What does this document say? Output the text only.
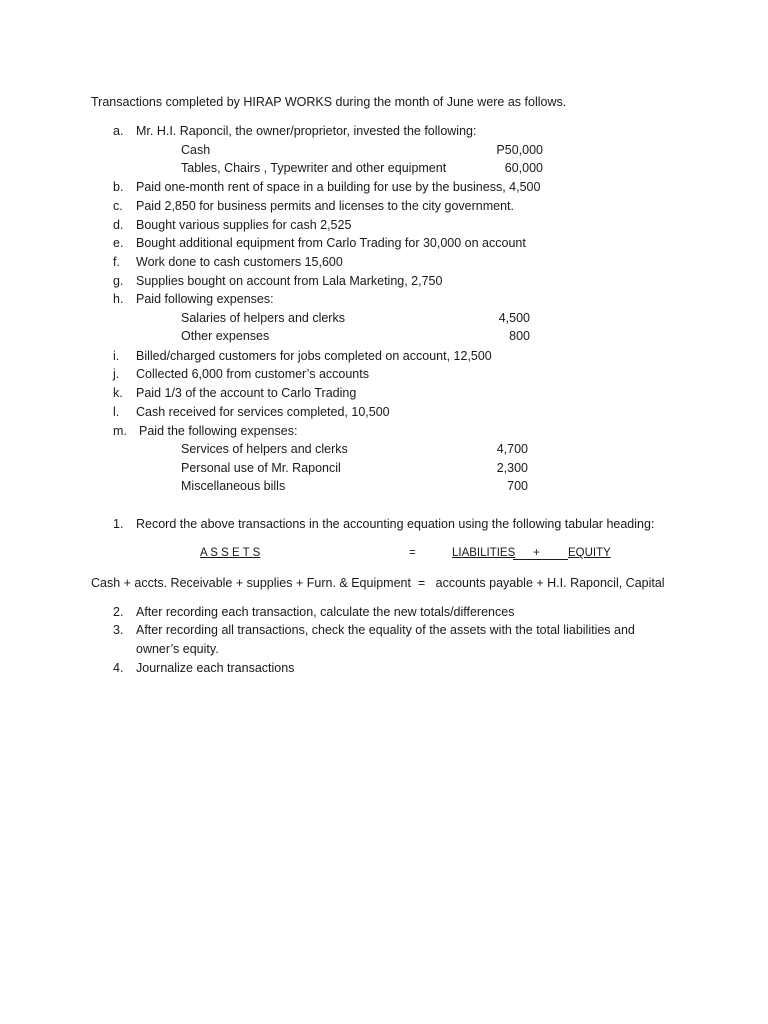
Transactions completed by HIRAP WORKS during the month of June were as follows.
a. Mr. H.I. Raponcil, the owner/proprietor, invested the following:
Cash	P50,000
Tables, Chairs , Typewriter and other equipment	60,000
b. Paid one-month rent of space in a building for use by the business, 4,500
c. Paid 2,850 for business permits and licenses to the city government.
d. Bought various supplies for cash 2,525
e. Bought additional equipment from Carlo Trading for 30,000 on account
f. Work done to cash customers 15,600
g. Supplies bought on account from Lala Marketing, 2,750
h. Paid following expenses:
Salaries of helpers and clerks	4,500
Other expenses	800
i. Billed/charged customers for jobs completed on account, 12,500
j. Collected 6,000 from customer’s accounts
k. Paid 1/3 of the account to Carlo Trading
l. Cash received for services completed, 10,500
m. Paid the following expenses:
Services of helpers and clerks	4,700
Personal use of Mr. Raponcil	2,300
Miscellaneous bills	700
1. Record the above transactions in the accounting equation using the following tabular heading:
A S S E T S	=	LIABILITIES + EQUITY
Cash + accts. Receivable + supplies + Furn. & Equipment  =   accounts payable + H.I. Raponcil, Capital
2. After recording each transaction, calculate the new totals/differences
3. After recording all transactions, check the equality of the assets with the total liabilities and
owner’s equity.
4. Journalize each transactions
